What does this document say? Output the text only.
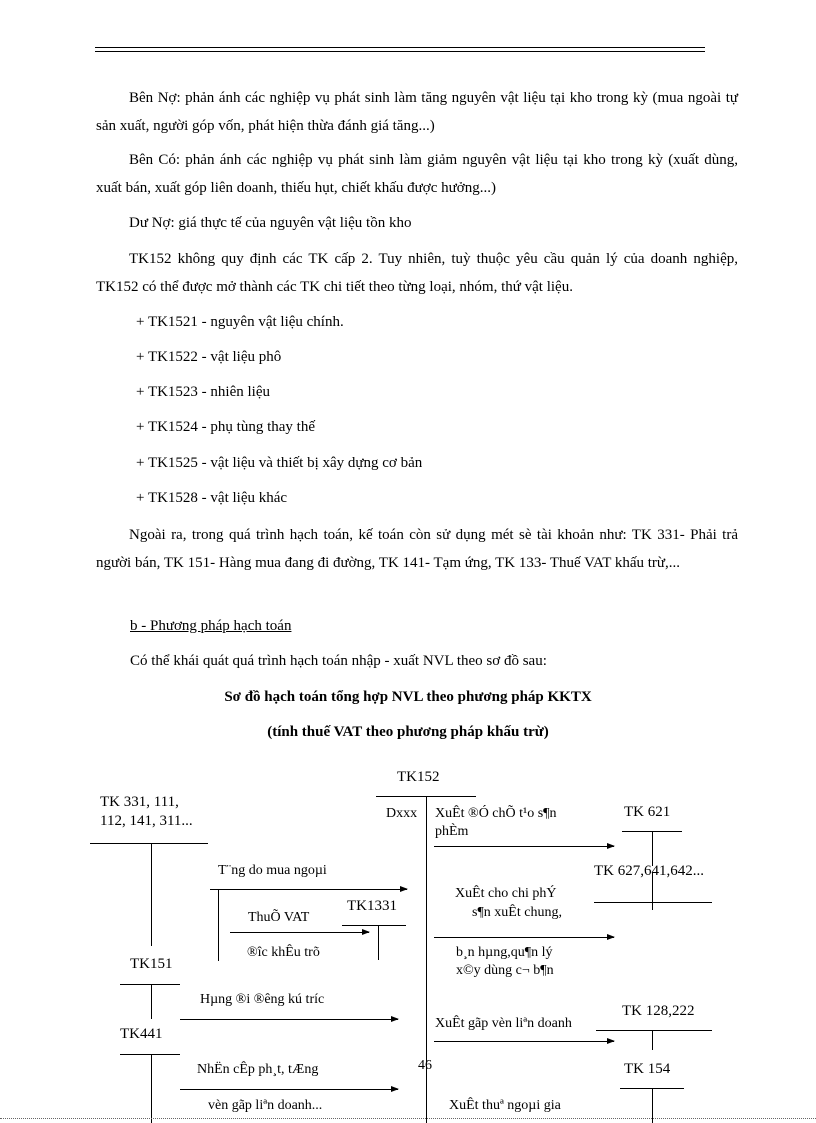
Bên Nợ: phản ánh các nghiệp vụ phát sinh làm tăng nguyên vật liệu tại kho trong kỳ (mua ngoài tự sản xuất, người góp vốn, phát hiện thừa đánh giá tăng...)

Bên Có: phản ánh các nghiệp vụ phát sinh làm giảm nguyên vật liệu tại kho trong kỳ (xuất dùng, xuất bán, xuất góp liên doanh, thiếu hụt, chiết khấu được hưởng...)

Dư Nợ: giá thực tế của nguyên vật liệu tồn kho

TK152 không quy định các TK cấp 2. Tuy nhiên, tuỳ thuộc yêu cầu quản lý của doanh nghiệp, TK152 có thể được mở thành các TK chi tiết theo từng loại, nhóm, thứ vật liệu.

+ TK1521 - nguyên vật liệu chính.
+ TK1522 - vật liệu phô
+ TK1523 - nhiên liệu
+ TK1524 - phụ tùng thay thế
+ TK1525 - vật liệu và thiết bị xây dựng cơ bản
+ TK1528 - vật liệu khác

Ngoài ra, trong quá trình hạch toán, kế toán còn sử dụng mét sè tài khoản như: TK 331- Phải trả người bán, TK 151- Hàng mua đang đi đường, TK 141- Tạm ứng, TK 133- Thuế VAT khấu trừ,...

b - Phương pháp hạch toán
Có thể khái quát quá trình hạch toán nhập - xuất NVL theo sơ đồ sau:
Sơ đồ hạch toán tổng hợp NVL theo phương pháp KKTX
(tính thuế VAT theo phương pháp khấu trừ)
TK152
Dxxx
TK 331, 111,
112, 141, 311...
T¨ng do mua ngoµi
ThuÕ VAT
TK1331
®îc khÊu trõ
TK151
Hµng ®i ®êng kú tríc
TK441
NhËn cÊp ph¸t, tÆng
vèn gãp liªn doanh...
XuÊt ®Ó chÕ t¹o s¶n
phÈm
TK 621
TK 627,641,642...
XuÊt cho chi phÝ
s¶n xuÊt chung,
b¸n hµng,qu¶n lý
x©y dùng c¬ b¶n
TK 128,222
XuÊt gãp vèn liªn doanh
TK 154
XuÊt thuª ngoµi gia
46
